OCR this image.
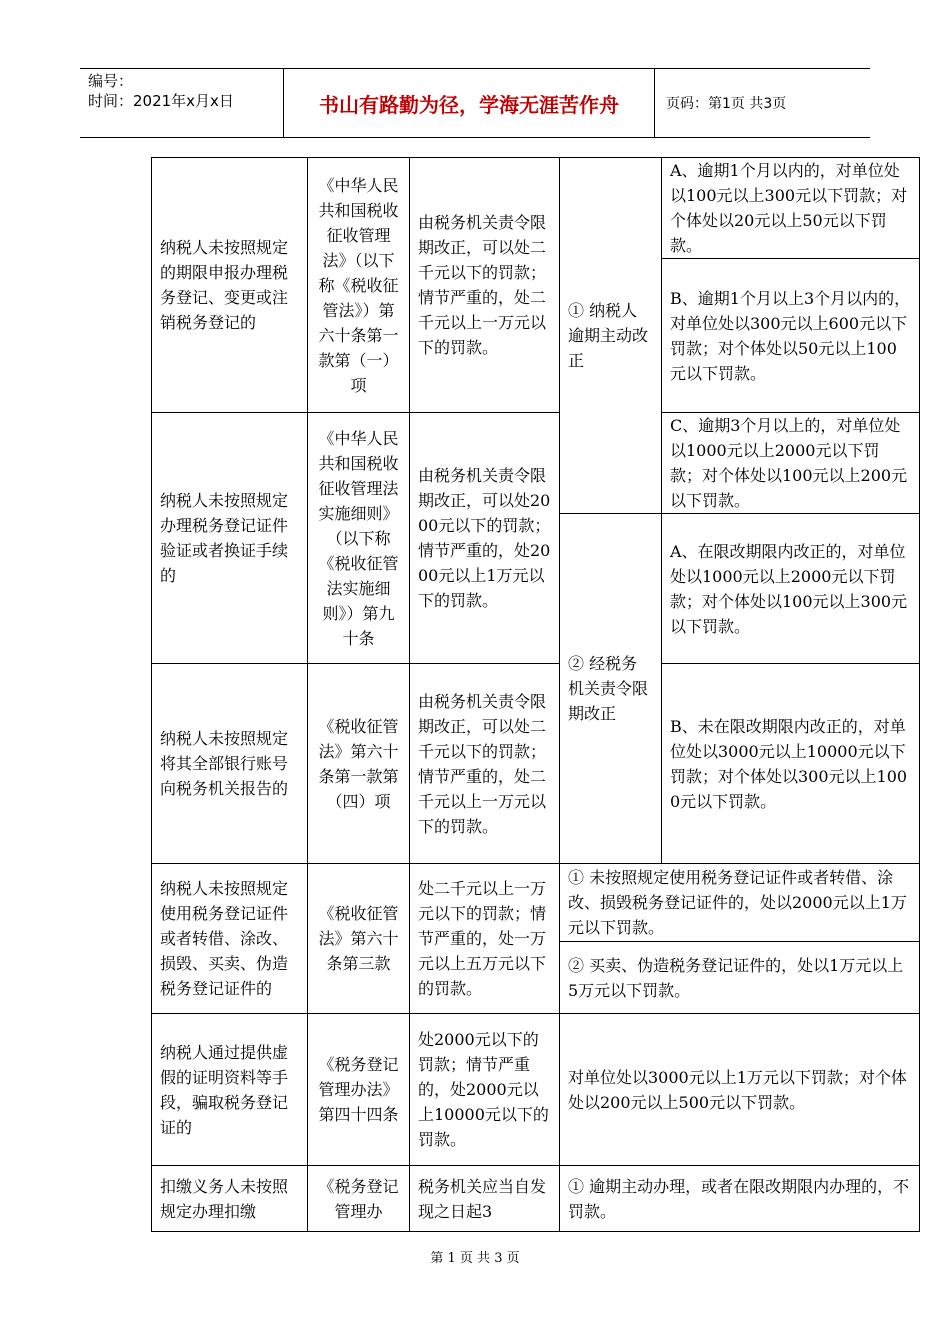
编号：
时间：2021年x月x日	书山有路勤为径，学海无涯苦作舟	页码：第1页 共3页
纳税人未按照规定的期限申报办理税务登记、变更或注销税务登记的	《中华人民共和国税收征收管理法》（以下称《税收征管法》）第六十条第一款第（一）项	由税务机关责令限期改正，可以处二千元以下的罚款；情节严重的，处二千元以上一万元以下的罚款。	① 纳税人逾期主动改正	A、逾期1个月以内的，对单位处以100元以上300元以下罚款；对个体处以20元以上50元以下罚款。
				B、逾期1个月以上3个月以内的，对单位处以300元以上600元以下罚款；对个体处以50元以上100元以下罚款。
纳税人未按照规定办理税务登记证件验证或者换证手续的	《中华人民共和国税收征收管理法实施细则》（以下称《税收征管法实施细则》）第九十条	由税务机关责令限期改正，可以处2000元以下的罚款；情节严重的，处2000元以上1万元以下的罚款。		C、逾期3个月以上的，对单位处以1000元以上2000元以下罚款；对个体处以100元以上200元以下罚款。
			② 经税务机关责令限期改正	A、在限改期限内改正的，对单位处以1000元以上2000元以下罚款；对个体处以100元以上300元以下罚款。
纳税人未按照规定将其全部银行账号向税务机关报告的	《税收征管法》第六十条第一款第（四）项	由税务机关责令限期改正，可以处二千元以下的罚款；情节严重的，处二千元以上一万元以下的罚款。		B、未在限改期限内改正的，对单位处以3000元以上10000元以下罚款；对个体处以300元以上1000元以下罚款。
纳税人未按照规定使用税务登记证件或者转借、涂改、损毁、买卖、伪造税务登记证件的	《税收征管法》第六十条第三款	处二千元以上一万元以下的罚款；情节严重的，处一万元以上五万元以下的罚款。	① 未按照规定使用税务登记证件或者转借、涂改、损毁税务登记证件的，处以2000元以上1万元以下罚款。	
			② 买卖、伪造税务登记证件的，处以1万元以上5万元以下罚款。	
纳税人通过提供虚假的证明资料等手段，骗取税务登记证的	《税务登记管理办法》第四十四条	处2000元以下的罚款；情节严重的，处2000元以上10000元以下的罚款。	对单位处以3000元以上1万元以下罚款；对个体处以200元以上500元以下罚款。	
扣缴义务人未按照规定办理扣缴	《税务登记管理办	税务机关应当自发现之日起3	① 逾期主动办理，或者在限改期限内办理的，不罚款。	
第 1 页 共 3 页
